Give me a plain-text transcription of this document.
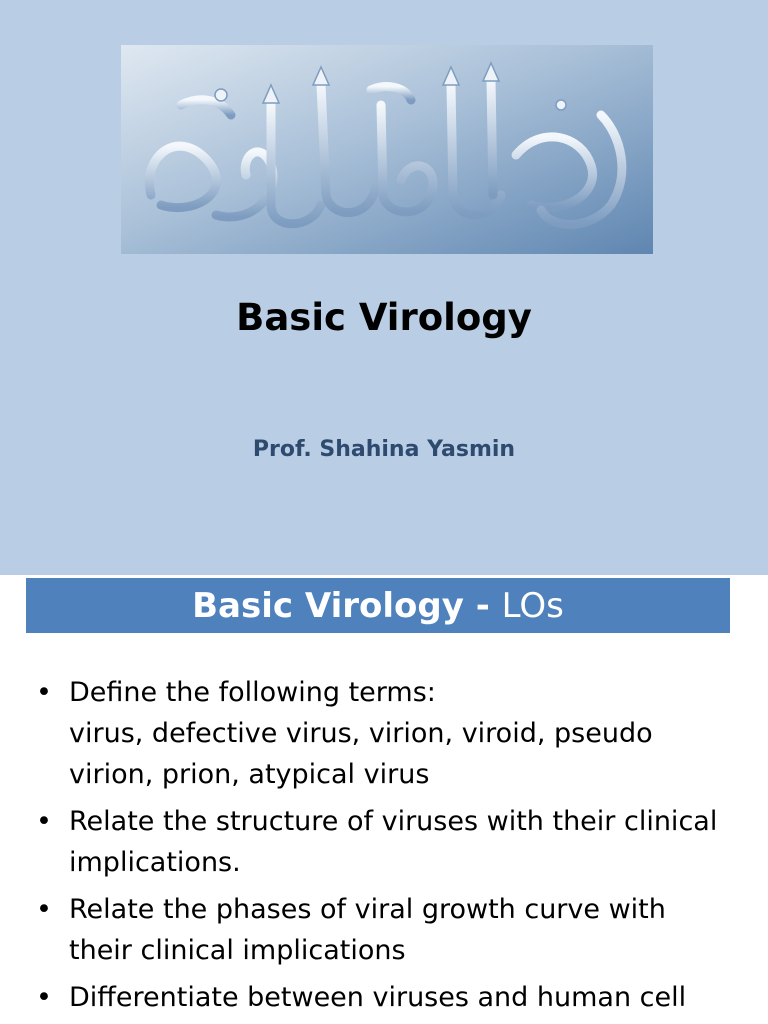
Basic Virology
Prof. Shahina Yasmin
Basic Virology - LOs
• Define the following terms:
virus, defective virus, virion, viroid, pseudo
virion, prion, atypical virus
• Relate the structure of viruses with their clinical
implications.
• Relate the phases of viral growth curve with
their clinical implications
• Differentiate between viruses and human cell
